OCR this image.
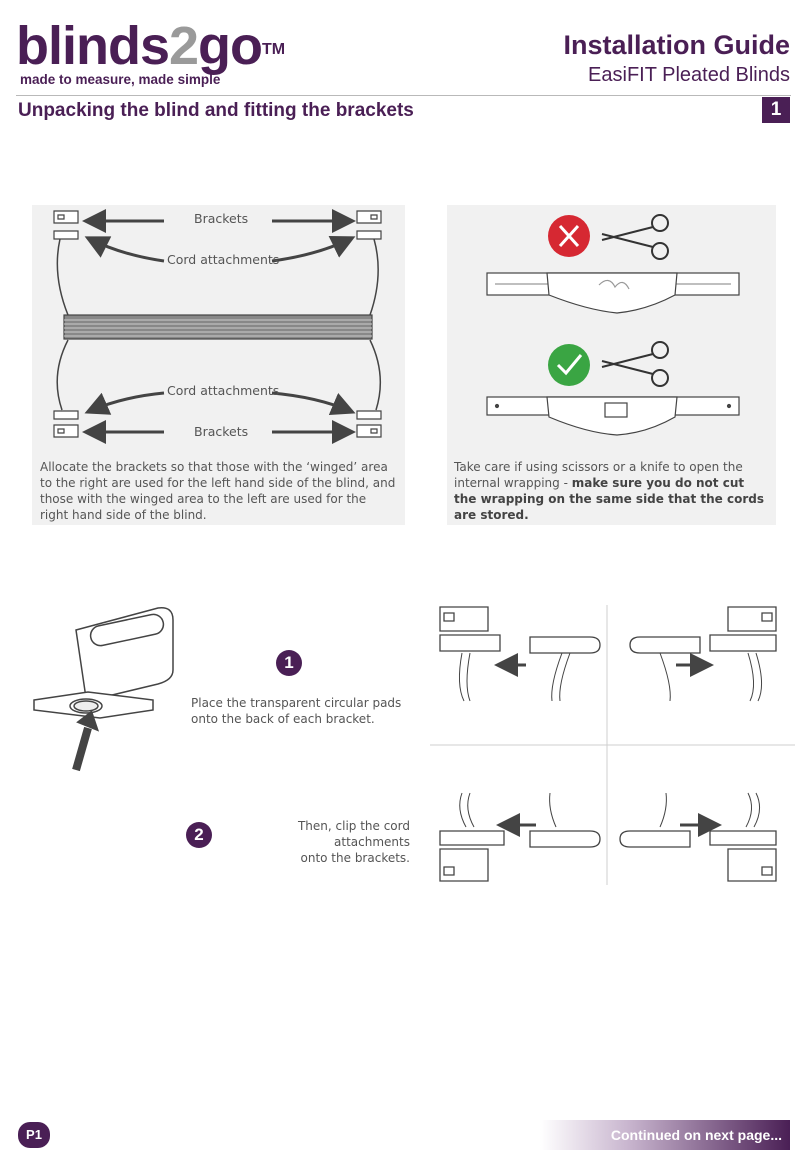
blinds2go™
made to measure, made simple
Installation Guide
EasiFIT Pleated Blinds
Unpacking the blind and fitting the brackets	1
Brackets
Cord attachments
Cord attachments
Brackets
Allocate the brackets so that those with the ‘winged’ area to the right are used for the left hand side of the blind, and those with the winged area to the left are used for the right hand side of the blind.
Take care if using scissors or a knife to open the internal wrapping - make sure you do not cut the wrapping on the same side that the cords are stored.
1
Place the transparent circular pads
onto the back of each bracket.
2	Then, clip the cord attachments
onto the brackets.
P1	Continued on next page...
